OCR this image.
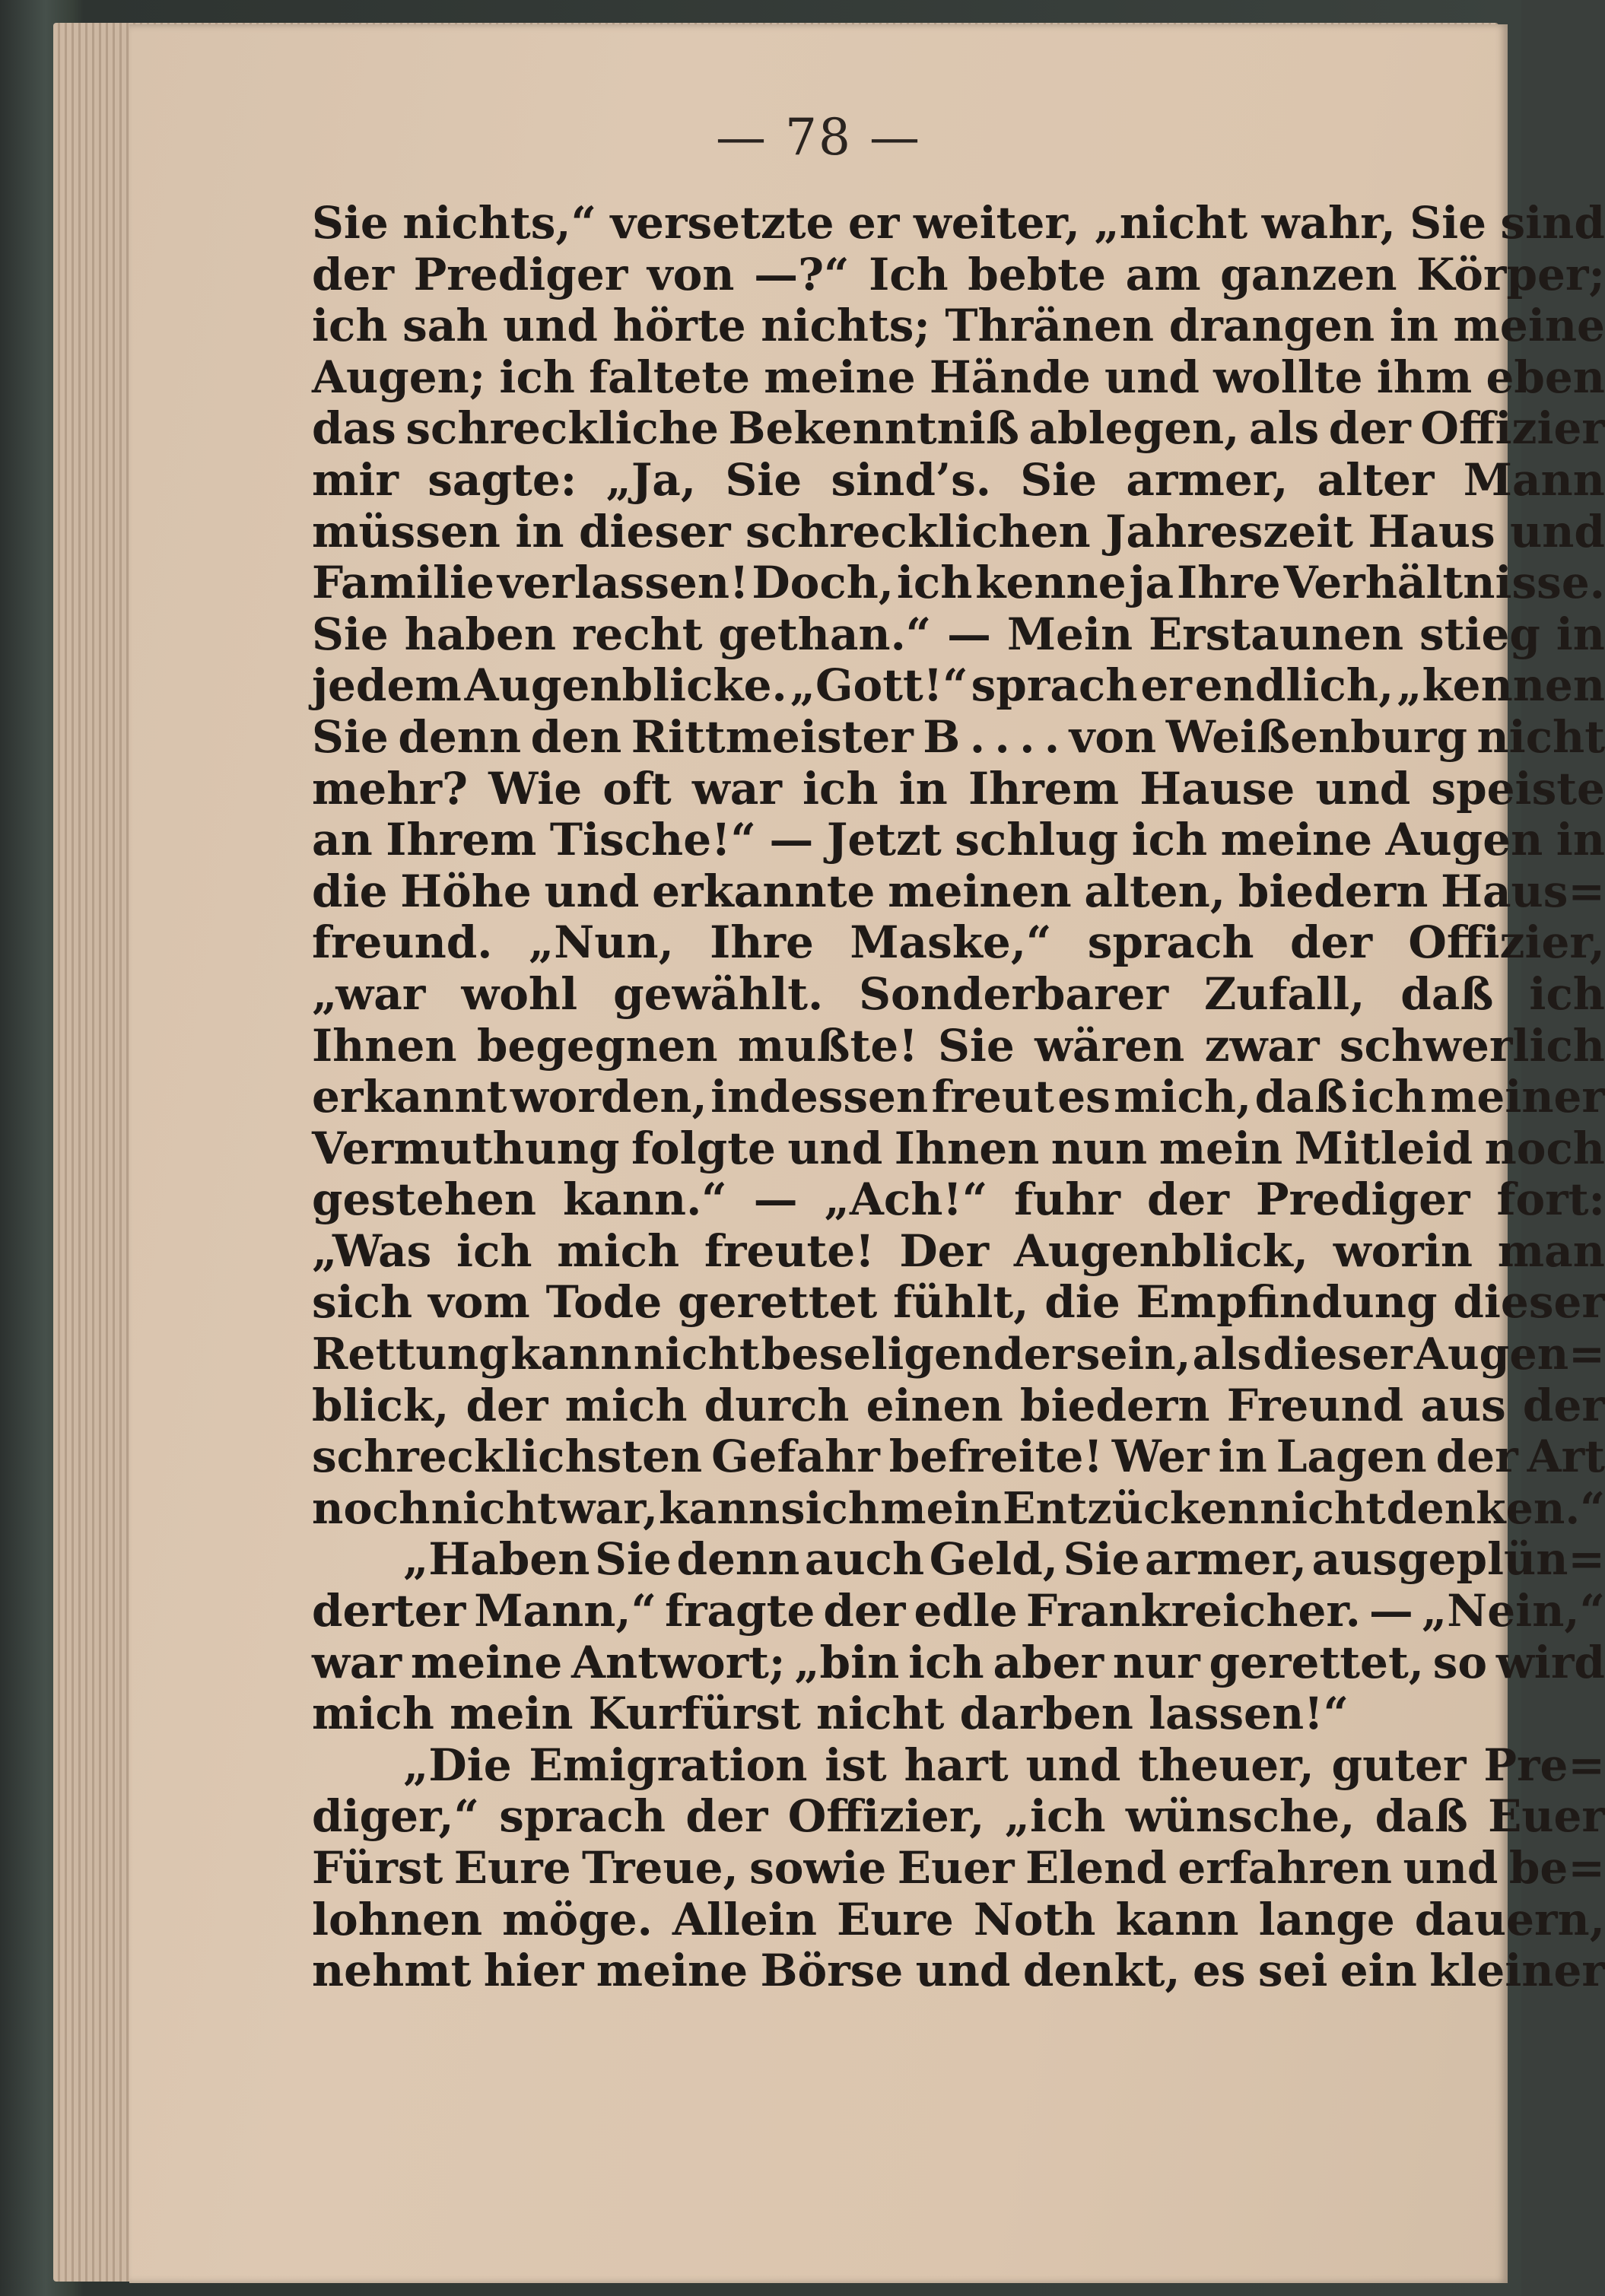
— 78 —
Sie nichts,“ versetzte er weiter, „nicht wahr, Sie sind
der Prediger von —?“ Ich bebte am ganzen Körper;
ich sah und hörte nichts; Thränen drangen in meine
Augen; ich faltete meine Hände und wollte ihm eben
das schreckliche Bekenntniß ablegen, als der Offizier
mir sagte: „Ja, Sie sind’s. Sie armer, alter Mann
müssen in dieser schrecklichen Jahreszeit Haus und
Familie verlassen! Doch, ich kenne ja Ihre Verhältnisse.
Sie haben recht gethan.“ — Mein Erstaunen stieg in
jedem Augenblicke. „Gott!“ sprach er endlich, „kennen
Sie denn den Rittmeister B . . . . von Weißenburg nicht
mehr? Wie oft war ich in Ihrem Hause und speiste
an Ihrem Tische!“ — Jetzt schlug ich meine Augen in
die Höhe und erkannte meinen alten, biedern Haus=
freund. „Nun, Ihre Maske,“ sprach der Offizier,
„war wohl gewählt. Sonderbarer Zufall, daß ich
Ihnen begegnen mußte! Sie wären zwar schwerlich
erkannt worden, indessen freut es mich, daß ich meiner
Vermuthung folgte und Ihnen nun mein Mitleid noch
gestehen kann.“ — „Ach!“ fuhr der Prediger fort:
„Was ich mich freute! Der Augenblick, worin man
sich vom Tode gerettet fühlt, die Empfindung dieser
Rettung kann nicht beseligender sein, als dieser Augen=
blick, der mich durch einen biedern Freund aus der
schrecklichsten Gefahr befreite! Wer in Lagen der Art
noch nicht war, kann sich mein Entzücken nicht denken.“
„Haben Sie denn auch Geld, Sie armer, ausgeplün=
derter Mann,“ fragte der edle Frankreicher. — „Nein,“
war meine Antwort; „bin ich aber nur gerettet, so wird
mich mein Kurfürst nicht darben lassen!“
„Die Emigration ist hart und theuer, guter Pre=
diger,“ sprach der Offizier, „ich wünsche, daß Euer
Fürst Eure Treue, sowie Euer Elend erfahren und be=
lohnen möge. Allein Eure Noth kann lange dauern,
nehmt hier meine Börse und denkt, es sei ein kleiner
